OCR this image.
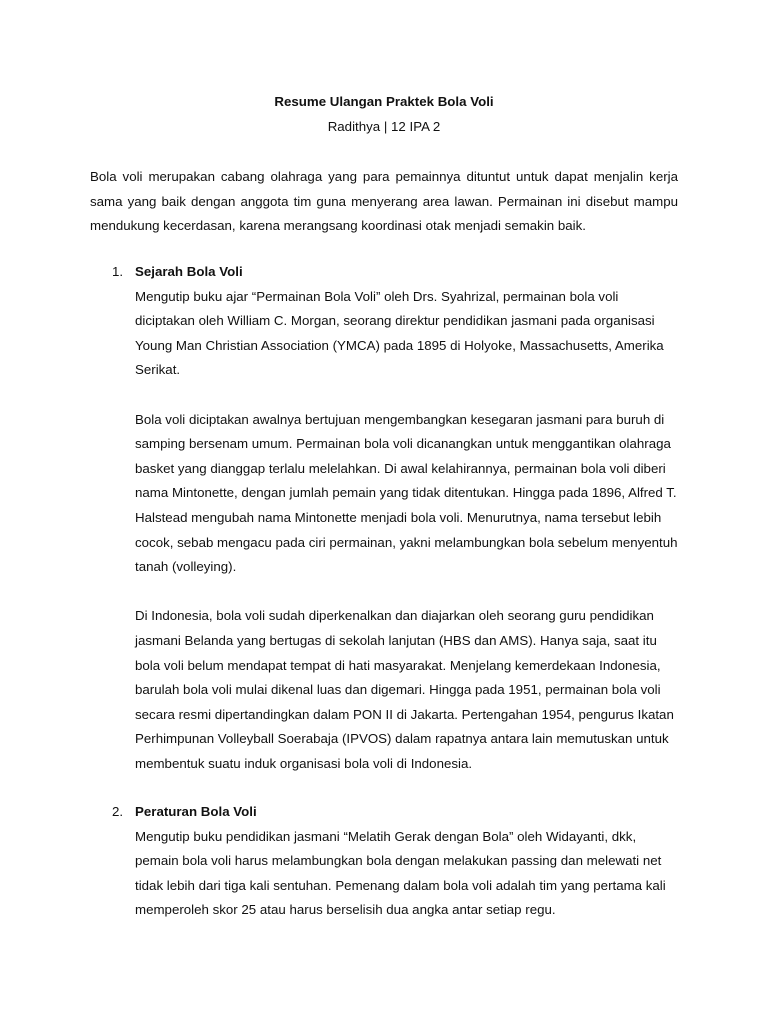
Resume Ulangan Praktek Bola Voli
Radithya | 12 IPA 2

Bola voli merupakan cabang olahraga yang para pemainnya dituntut untuk dapat menjalin kerja sama yang baik dengan anggota tim guna menyerang area lawan. Permainan ini disebut mampu mendukung kecerdasan, karena merangsang koordinasi otak menjadi semakin baik.

1. Sejarah Bola Voli

Mengutip buku ajar “Permainan Bola Voli” oleh Drs. Syahrizal, permainan bola voli diciptakan oleh William C. Morgan, seorang direktur pendidikan jasmani pada organisasi Young Man Christian Association (YMCA) pada 1895 di Holyoke, Massachusetts, Amerika Serikat.

Bola voli diciptakan awalnya bertujuan mengembangkan kesegaran jasmani para buruh di samping bersenam umum. Permainan bola voli dicanangkan untuk menggantikan olahraga basket yang dianggap terlalu melelahkan. Di awal kelahirannya, permainan bola voli diberi nama Mintonette, dengan jumlah pemain yang tidak ditentukan. Hingga pada 1896, Alfred T. Halstead mengubah nama Mintonette menjadi bola voli. Menurutnya, nama tersebut lebih cocok, sebab mengacu pada ciri permainan, yakni melambungkan bola sebelum menyentuh tanah (volleying).

Di Indonesia, bola voli sudah diperkenalkan dan diajarkan oleh seorang guru pendidikan jasmani Belanda yang bertugas di sekolah lanjutan (HBS dan AMS). Hanya saja, saat itu bola voli belum mendapat tempat di hati masyarakat. Menjelang kemerdekaan Indonesia, barulah bola voli mulai dikenal luas dan digemari. Hingga pada 1951, permainan bola voli secara resmi dipertandingkan dalam PON II di Jakarta. Pertengahan 1954, pengurus Ikatan Perhimpunan Volleyball Soerabaja (IPVOS) dalam rapatnya antara lain memutuskan untuk membentuk suatu induk organisasi bola voli di Indonesia.

2. Peraturan Bola Voli

Mengutip buku pendidikan jasmani “Melatih Gerak dengan Bola” oleh Widayanti, dkk, pemain bola voli harus melambungkan bola dengan melakukan passing dan melewati net tidak lebih dari tiga kali sentuhan. Pemenang dalam bola voli adalah tim yang pertama kali memperoleh skor 25 atau harus berselisih dua angka antar setiap regu.
